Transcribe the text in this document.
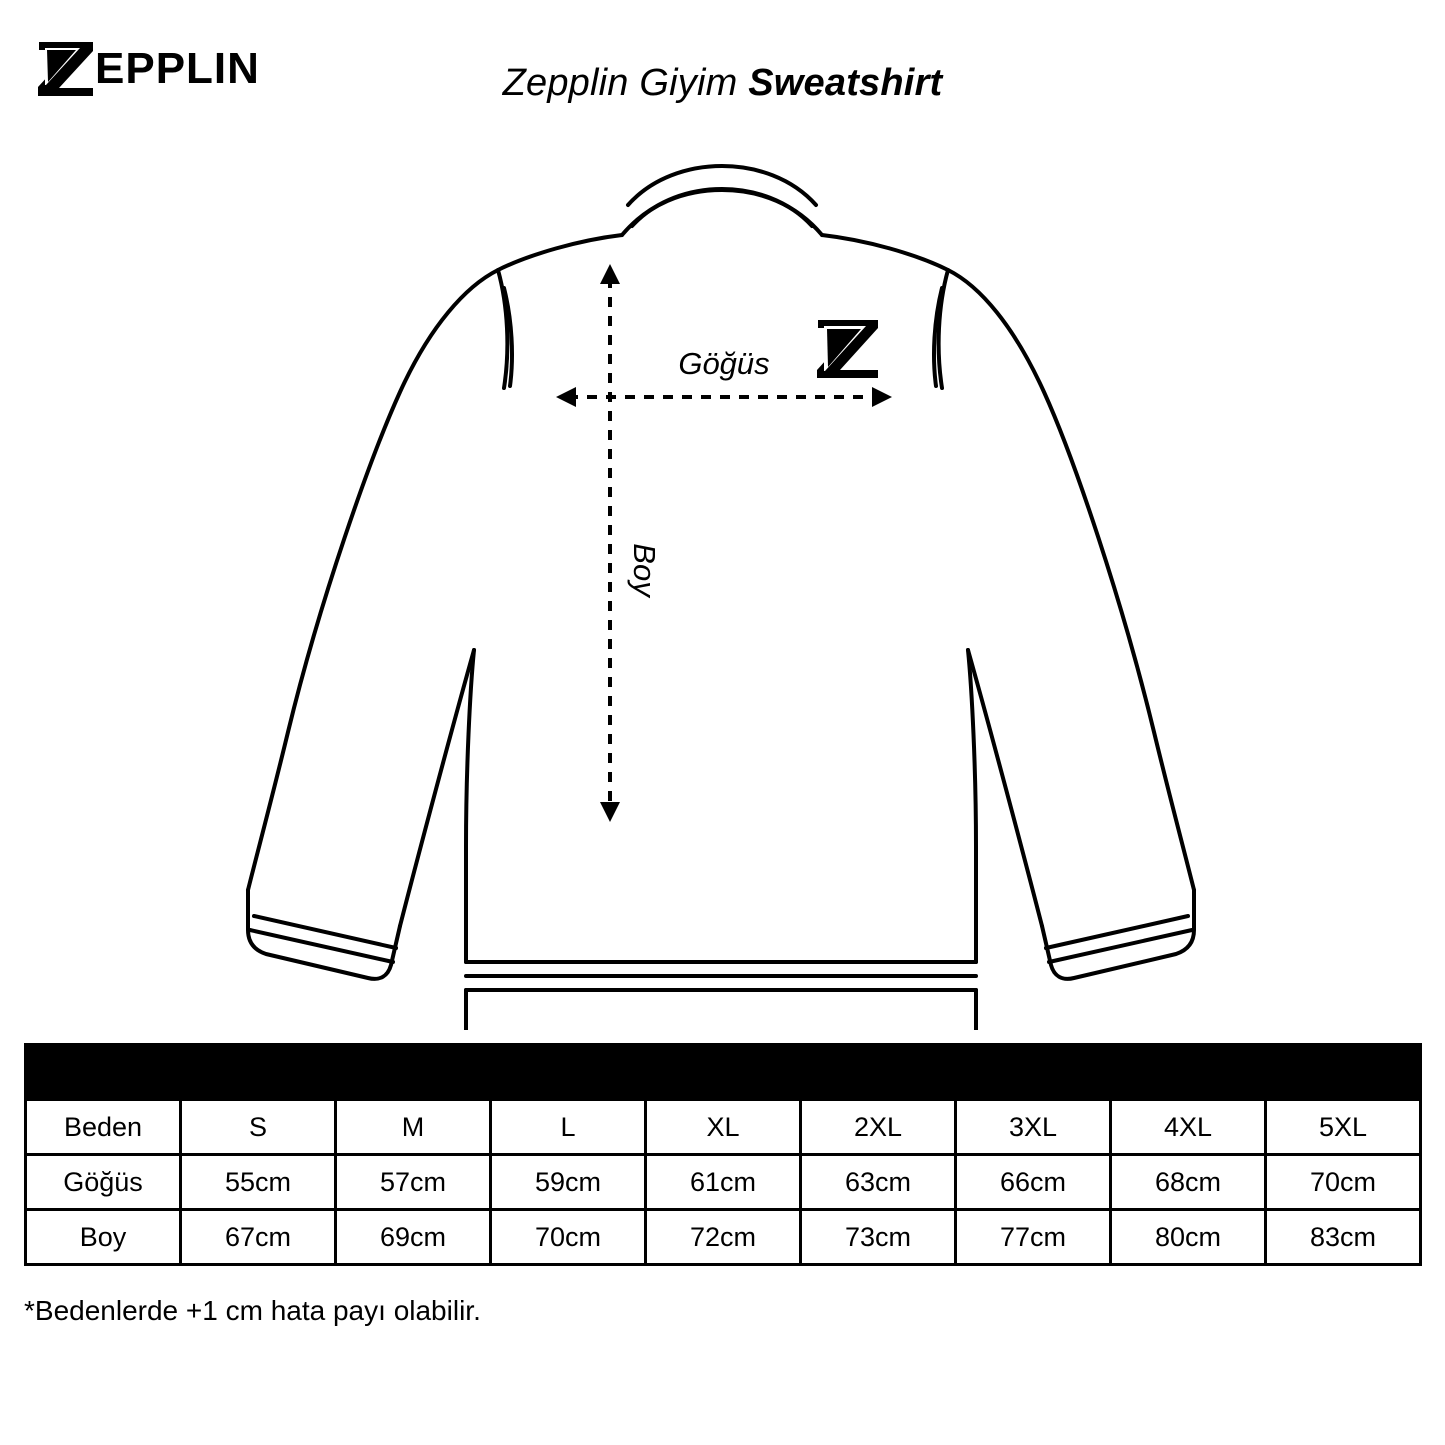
EPPLIN	Zepplin Giyim Sweatshirt
Göğüs
Boy
Beden Tablosu								
Beden	S	M	L	XL	2XL	3XL	4XL	5XL
Göğüs	55cm	57cm	59cm	61cm	63cm	66cm	68cm	70cm
Boy	67cm	69cm	70cm	72cm	73cm	77cm	80cm	83cm
*Bedenlerde +1 cm hata payı olabilir.
